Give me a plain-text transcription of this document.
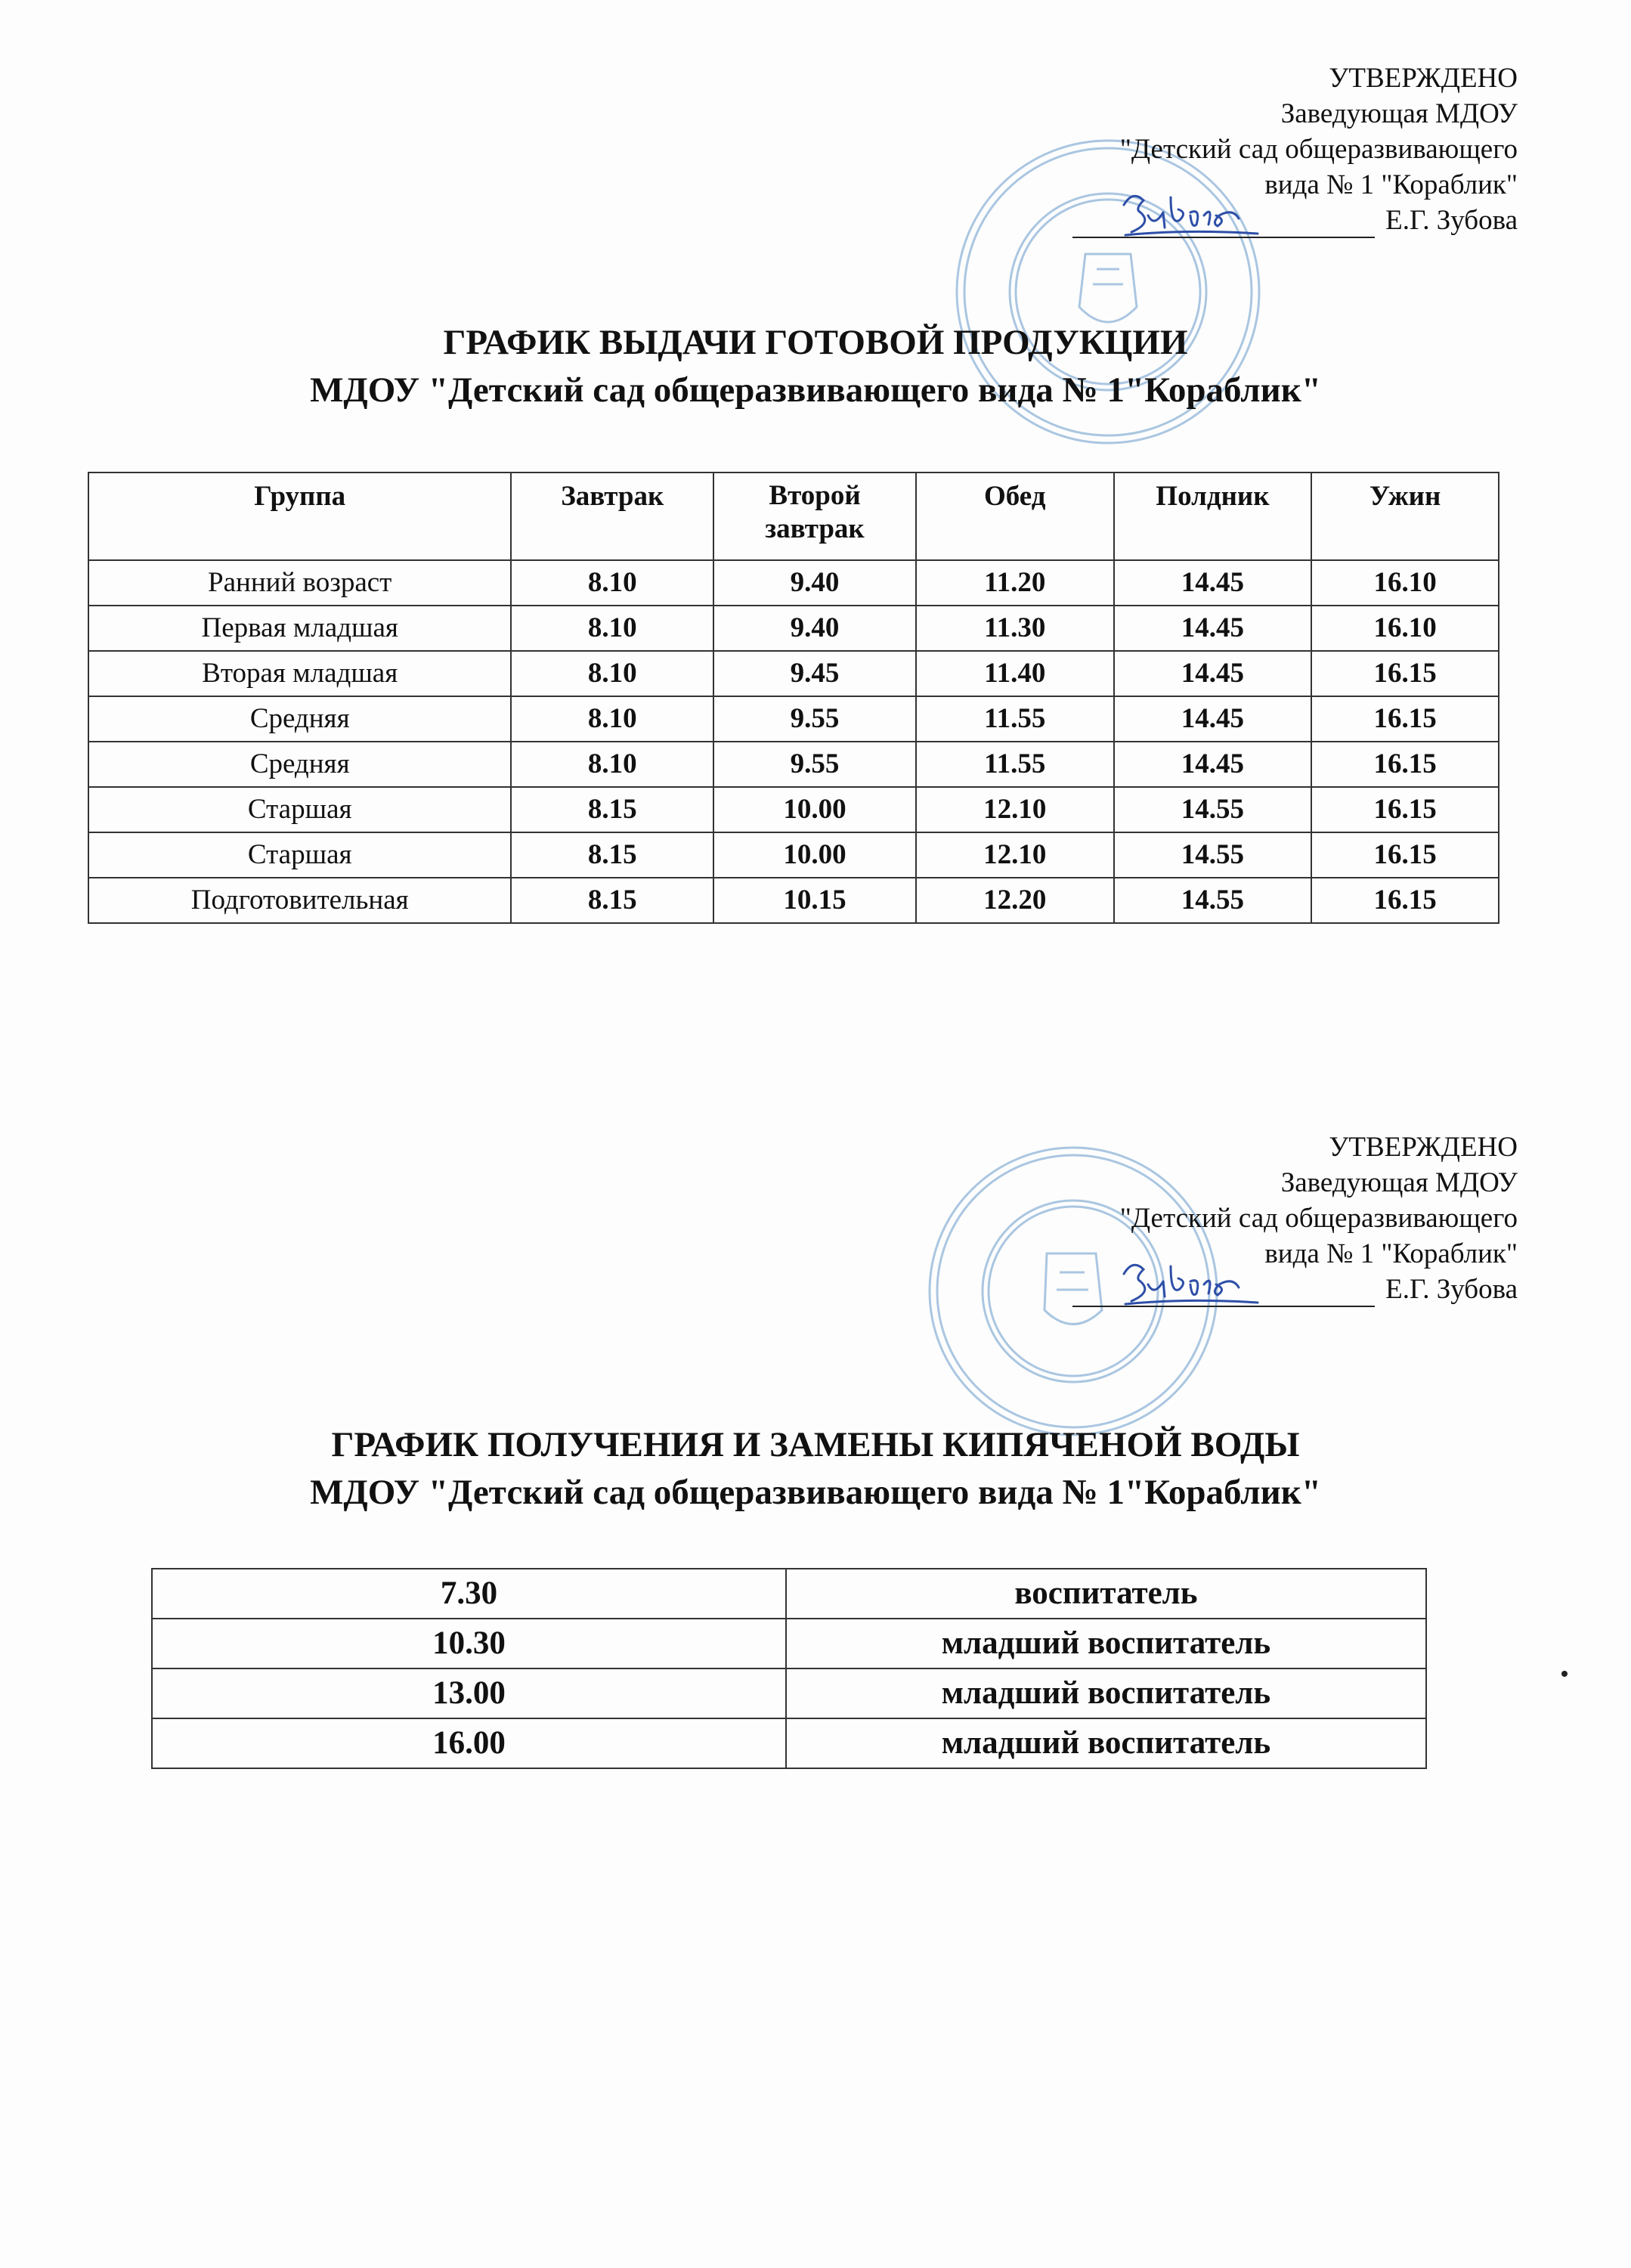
УТВЕРЖДЕНО
Заведующая МДОУ
"Детский сад общеразвивающего
вида № 1 "Кораблик"
Е.Г. Зубова
ГРАФИК ВЫДАЧИ ГОТОВОЙ ПРОДУКЦИИ
МДОУ "Детский сад общеразвивающего вида № 1"Кораблик"
Группа	Завтрак	Второй завтрак	Обед	Полдник	Ужин
Ранний возраст	8.10	9.40	11.20	14.45	16.10
Первая младшая	8.10	9.40	11.30	14.45	16.10
Вторая младшая	8.10	9.45	11.40	14.45	16.15
Средняя	8.10	9.55	11.55	14.45	16.15
Средняя	8.10	9.55	11.55	14.45	16.15
Старшая	8.15	10.00	12.10	14.55	16.15
Старшая	8.15	10.00	12.10	14.55	16.15
Подготовительная	8.15	10.15	12.20	14.55	16.15
УТВЕРЖДЕНО
Заведующая МДОУ
"Детский сад общеразвивающего
вида № 1 "Кораблик"
Е.Г. Зубова
ГРАФИК ПОЛУЧЕНИЯ И ЗАМЕНЫ КИПЯЧЕНОЙ ВОДЫ
МДОУ "Детский сад общеразвивающего вида № 1"Кораблик"
7.30	воспитатель
10.30	младший воспитатель
13.00	младший воспитатель
16.00	младший воспитатель
